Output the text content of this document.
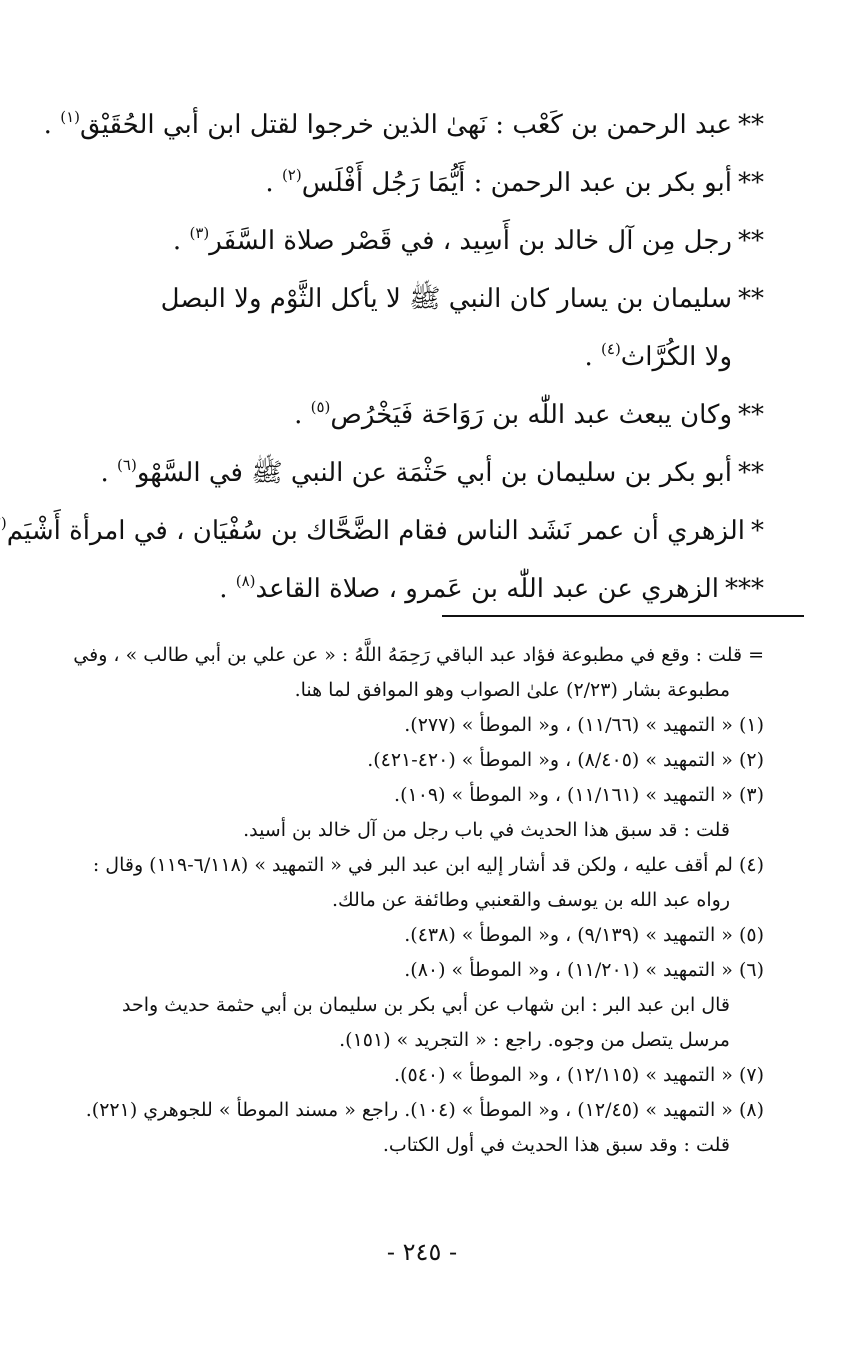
**عبد الرحمن بن كَعْب : نَهىٰ الذين خرجوا لقتل ابن أبي الحُقَيْق$^{(١)}$ .
**أبو بكر بن عبد الرحمن : أَيُّمَا رَجُل أَفْلَس$^{(٢)}$ .
**رجل مِن آل خالد بن أَسِيد ، في قَصْر صلاة السَّفَر$^{(٣)}$ .
**سليمان بن يسار كان النبي ﷺ لا يأكل الثَّوْم ولا البصل
ولا الكُرَّاث$^{(٤)}$ .
**وكان يبعث عبد اللّٰه بن رَوَاحَة فَيَخْرُص$^{(٥)}$ .
**أبو بكر بن سليمان بن أبي حَثْمَة عن النبي ﷺ في السَّهْو$^{(٦)}$ .
*الزهري أن عمر نَشَد الناس فقام الضَّحَّاك بن سُفْيَان ، في امرأة أَشْيَم(
***الزهري عن عبد اللّٰه بن عَمرو ، صلاة القاعد$^{(٨)}$ .
=قلت : وقع في مطبوعة فؤاد عبد الباقي رَحِمَهُ اللَّهُ : « عن علي بن أبي طالب » ، وفي
مطبوعة بشار (٢/٢٣) علىٰ الصواب وهو الموافق لما هنا.
(١)« التمهيد » (١١/٦٦) ، و« الموطأ » (٢٧٧).
(٢)« التمهيد » (٨/٤٠٥) ، و« الموطأ » (٤٢٠-٤٢١).
(٣)« التمهيد » (١١/١٦١) ، و« الموطأ » (١٠٩).
قلت : قد سبق هذا الحديث في باب رجل من آل خالد بن أسيد.
(٤)لم أقف عليه ، ولكن قد أشار إليه ابن عبد البر في « التمهيد » (٦/١١٨-١١٩) وقال :
رواه عبد الله بن يوسف والقعنبي وطائفة عن مالك.
(٥)« التمهيد » (٩/١٣٩) ، و« الموطأ » (٤٣٨).
(٦)« التمهيد » (١١/٢٠١) ، و« الموطأ » (٨٠).
قال ابن عبد البر : ابن شهاب عن أبي بكر بن سليمان بن أبي حثمة حديث واحد
مرسل يتصل من وجوه. راجع : « التجريد » (١٥١).
(٧)« التمهيد » (١٢/١١٥) ، و« الموطأ » (٥٤٠).
(٨)« التمهيد » (١٢/٤٥) ، و« الموطأ » (١٠٤). راجع « مسند الموطأ » للجوهري (٢٢١).
قلت : وقد سبق هذا الحديث في أول الكتاب.
- ٢٤٥ -
